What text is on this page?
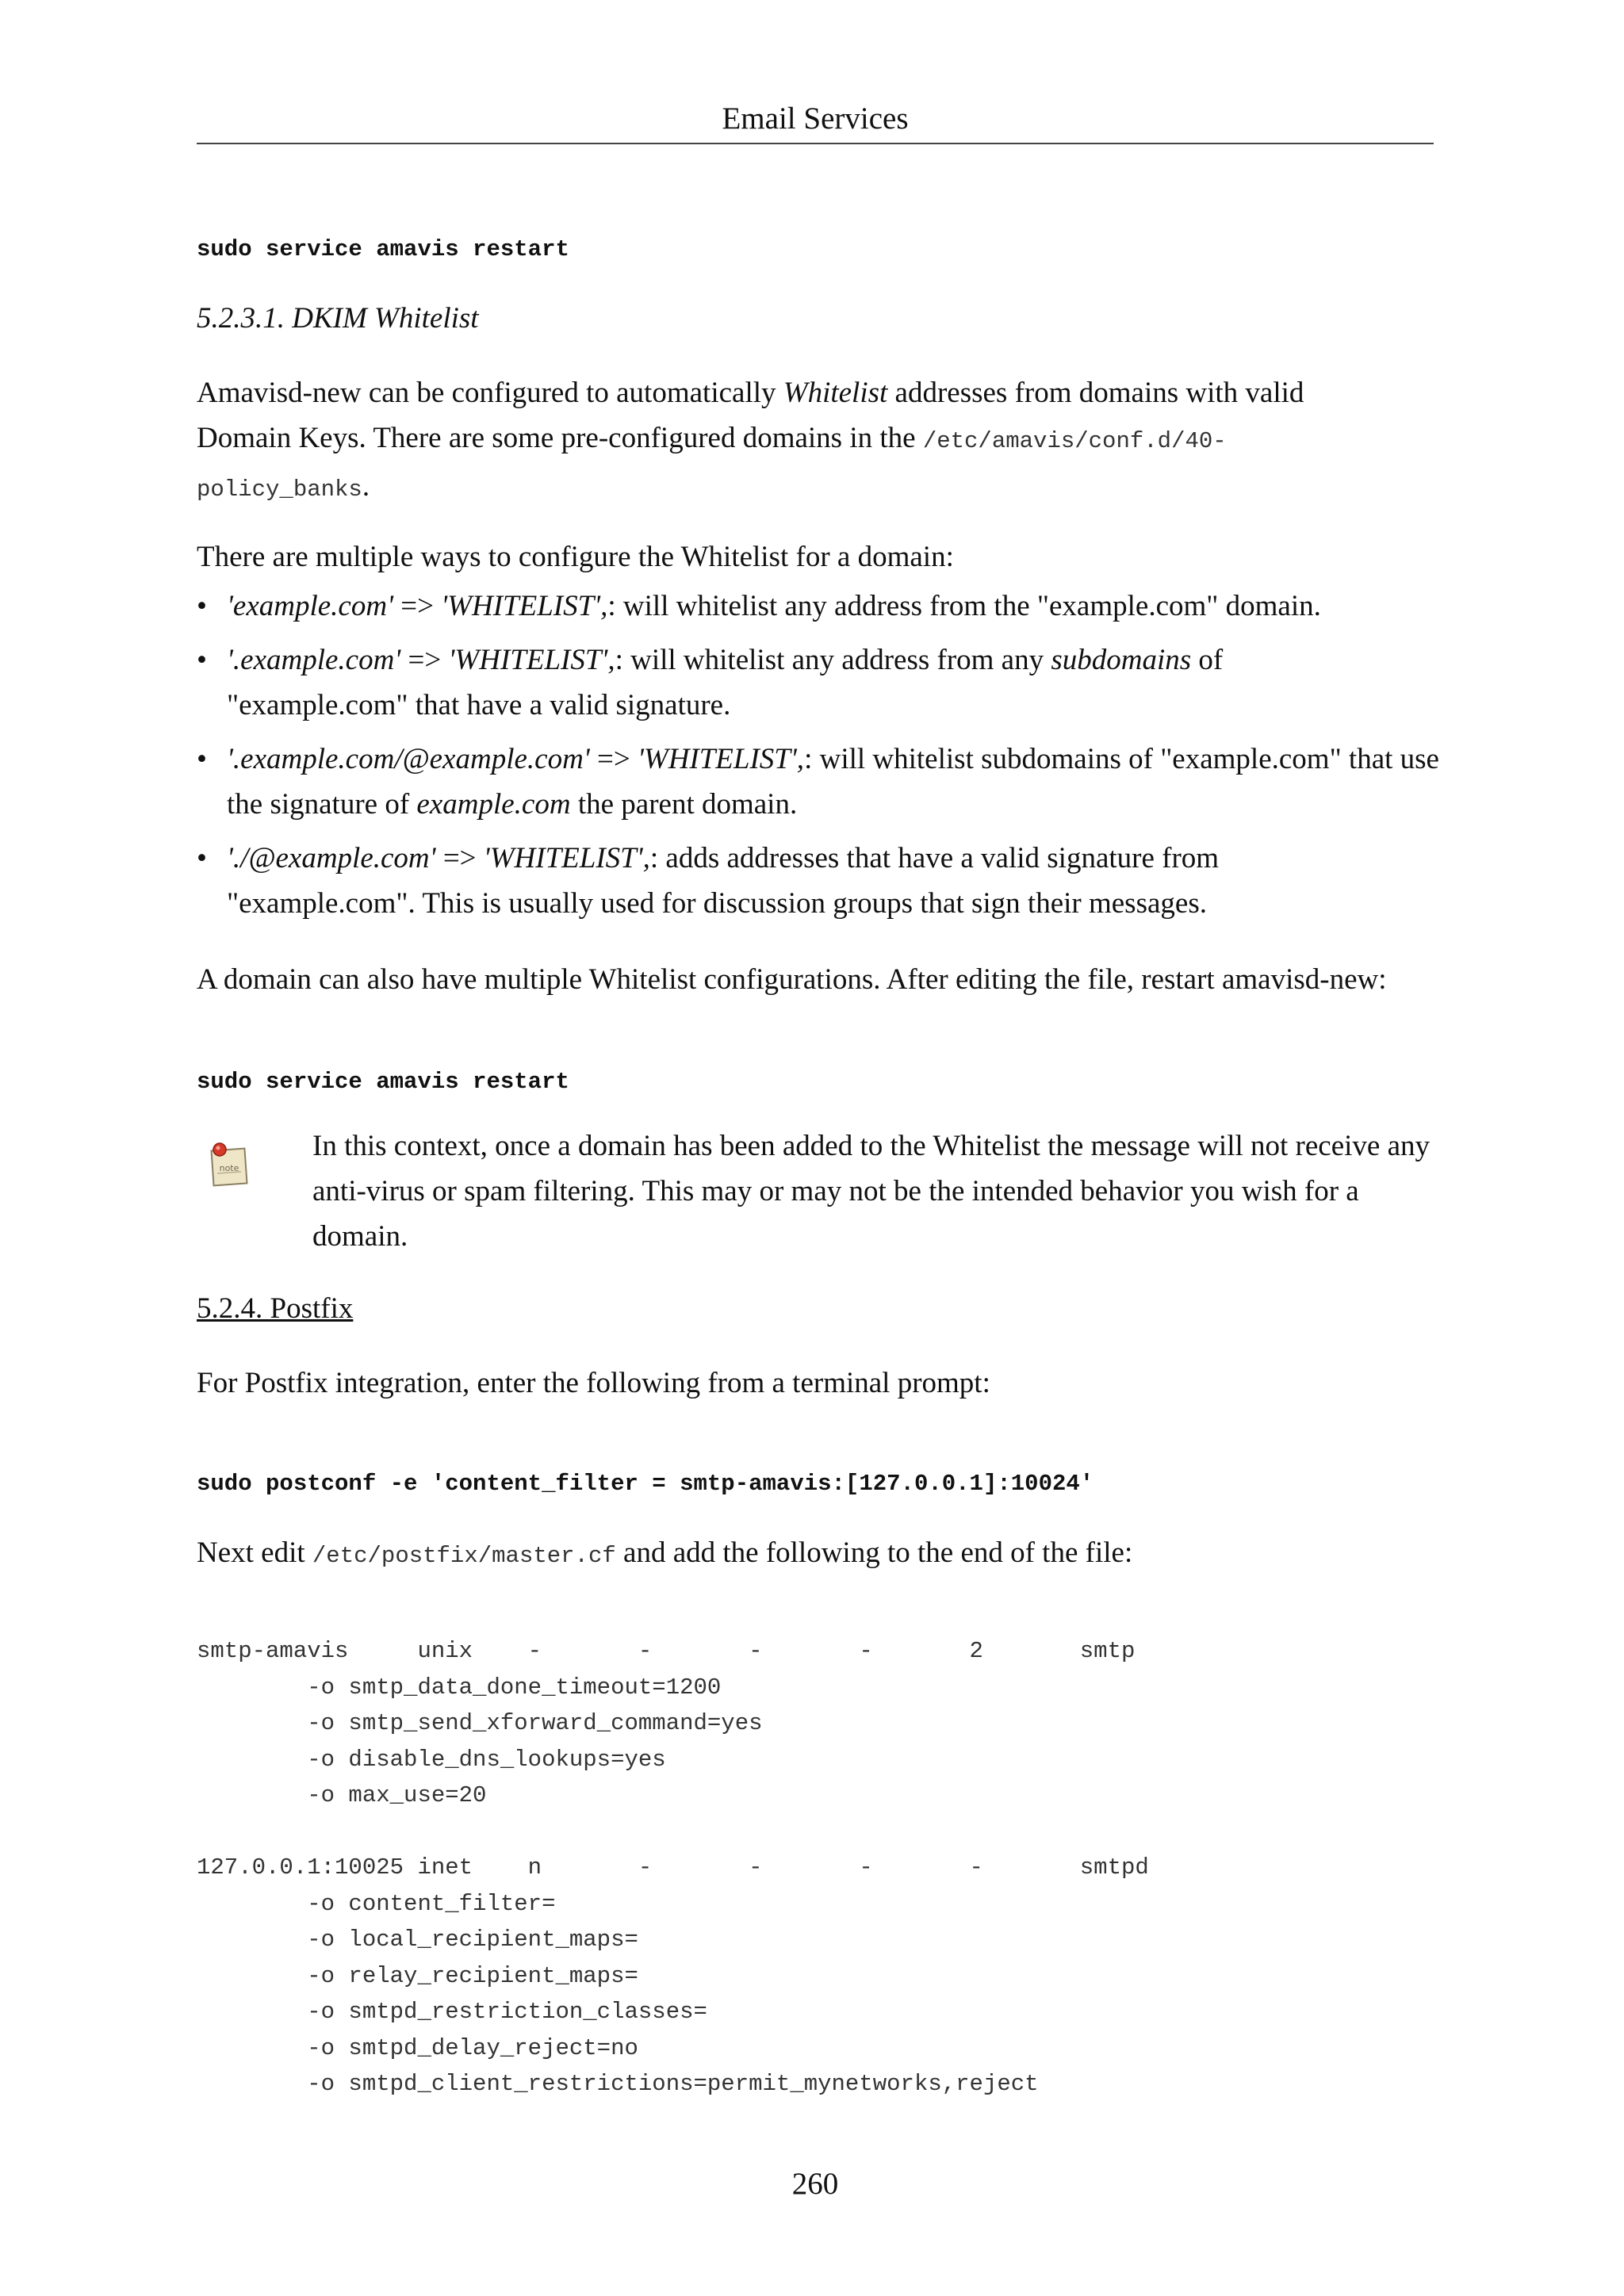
Email Services
sudo service amavis restart

5.2.3.1. DKIM Whitelist

Amavisd-new can be configured to automatically Whitelist addresses from domains with valid Domain Keys. There are some pre-configured domains in the /etc/amavis/conf.d/40-policy_banks.

There are multiple ways to configure the Whitelist for a domain:

• 'example.com' => 'WHITELIST',: will whitelist any address from the "example.com" domain.
• '.example.com' => 'WHITELIST',: will whitelist any address from any subdomains of "example.com" that have a valid signature.
• '.example.com/@example.com' => 'WHITELIST',: will whitelist subdomains of "example.com" that use the signature of example.com the parent domain.
• './@example.com' => 'WHITELIST',: adds addresses that have a valid signature from "example.com". This is usually used for discussion groups that sign their messages.

A domain can also have multiple Whitelist configurations. After editing the file, restart amavisd-new:

sudo service amavis restart
note

In this context, once a domain has been added to the Whitelist the message will not receive any anti-virus or spam filtering. This may or may not be the intended behavior you wish for a domain.

5.2.4. Postfix

For Postfix integration, enter the following from a terminal prompt:

sudo postconf -e 'content_filter = smtp-amavis:[127.0.0.1]:10024'

Next edit /etc/postfix/master.cf and add the following to the end of the file:

smtp-amavis     unix    -       -       -       -       2       smtp
-o smtp_data_done_timeout=1200
-o smtp_send_xforward_command=yes
-o disable_dns_lookups=yes
-o max_use=20

127.0.0.1:10025 inet    n       -       -       -       -       smtpd
-o content_filter=
-o local_recipient_maps=
-o relay_recipient_maps=
-o smtpd_restriction_classes=
-o smtpd_delay_reject=no
-o smtpd_client_restrictions=permit_mynetworks,reject
260
